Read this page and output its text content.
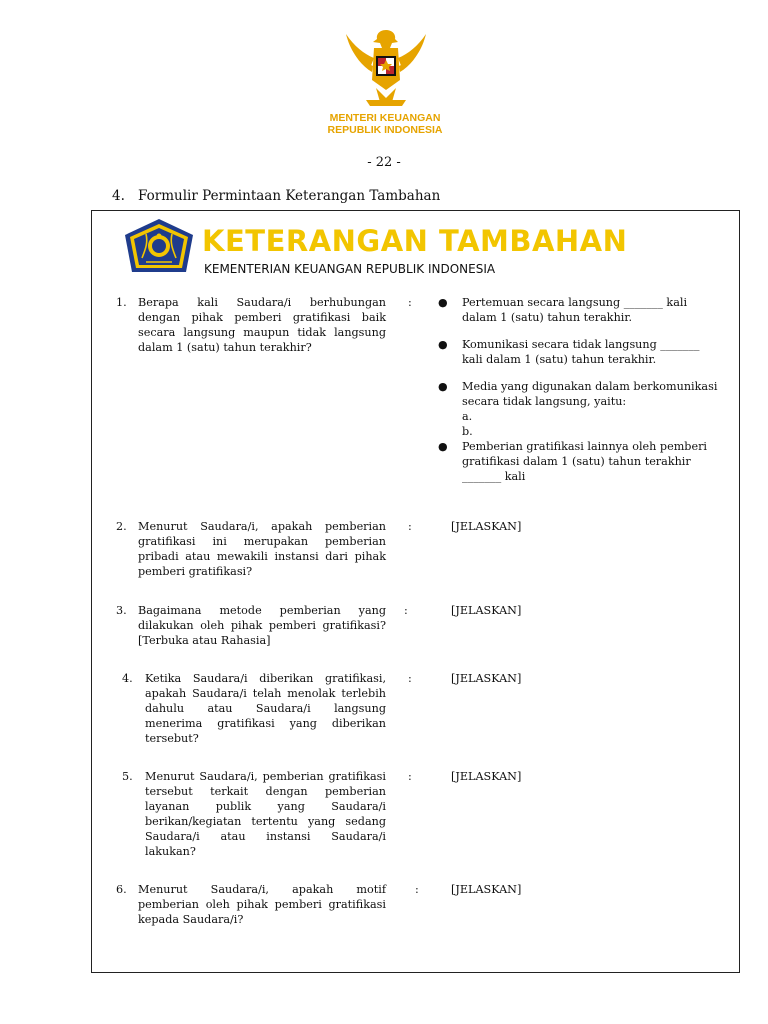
MENTERI KEUANGAN
REPUBLIK INDONESIA
- 22 -
4. Formulir Permintaan Keterangan Tambahan
KETERANGAN TAMBAHAN
KEMENTERIAN KEUANGAN REPUBLIK INDONESIA
1. Berapa kali Saudara/i berhubungan dengan pihak pemberi gratifikasi baik secara langsung maupun tidak langsung dalam 1 (satu) tahun terakhir?
: ● Pertemuan secara langsung _______ kali dalam 1 (satu) tahun terakhir.
● Komunikasi secara tidak langsung _______ kali dalam 1 (satu) tahun terakhir.
● Media yang digunakan dalam berkomunikasi secara tidak langsung, yaitu:
a.
b.
● Pemberian gratifikasi lainnya oleh pemberi gratifikasi dalam 1 (satu) tahun terakhir _______ kali
2. Menurut Saudara/i, apakah pemberian gratifikasi ini merupakan pemberian pribadi atau mewakili instansi dari pihak pemberi gratifikasi?
:	[JELASKAN]
3. Bagaimana metode pemberian yang dilakukan oleh pihak pemberi gratifikasi? [Terbuka atau Rahasia]
:	[JELASKAN]
4. Ketika Saudara/i diberikan gratifikasi, apakah Saudara/i telah menolak terlebih dahulu atau Saudara/i langsung menerima gratifikasi yang diberikan tersebut?
:	[JELASKAN]
5. Menurut Saudara/i, pemberian gratifikasi tersebut terkait dengan pemberian layanan publik yang Saudara/i berikan/kegiatan tertentu yang sedang Saudara/i atau instansi Saudara/i lakukan?
:	[JELASKAN]
6. Menurut Saudara/i, apakah motif pemberian oleh pihak pemberi gratifikasi kepada Saudara/i?
:	[JELASKAN]
